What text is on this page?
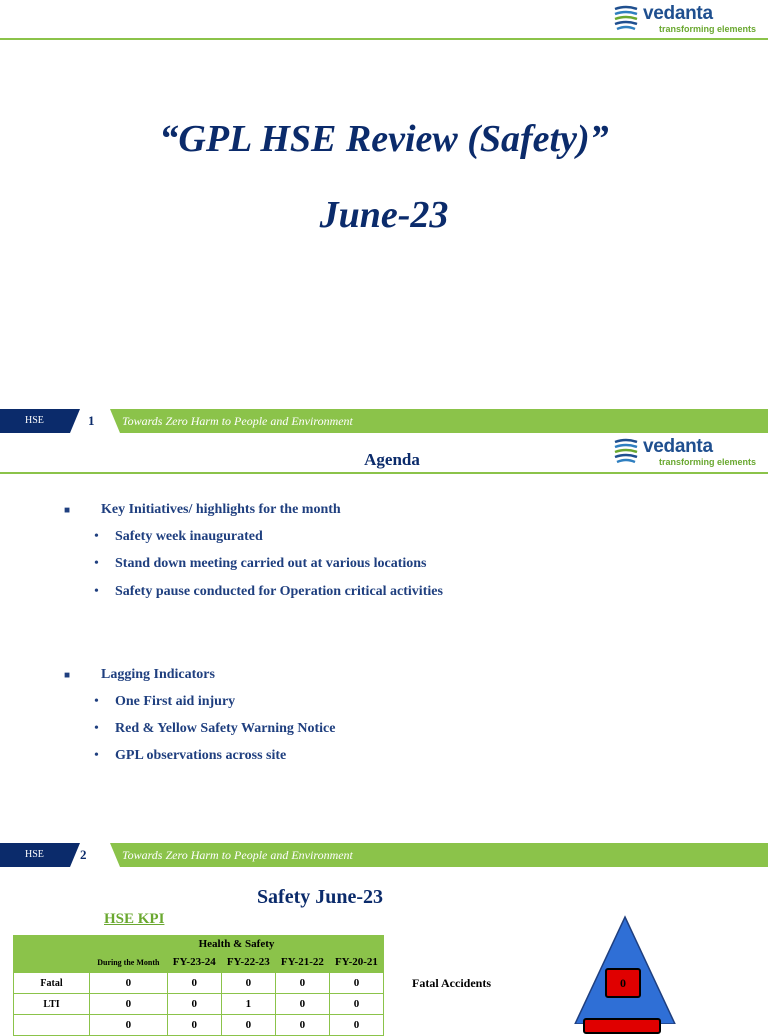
vedanta
transforming elements
“GPL HSE Review (Safety)”
June-23
HSE	1 Towards Zero Harm to People and Environment
vedanta
transforming elements
Agenda
■ Key Initiatives/ highlights for the month
• Safety week inaugurated
• Stand down meeting carried out at various locations
• Safety pause conducted for Operation critical activities
■ Lagging Indicators
• One First aid injury
• Red & Yellow Safety Warning Notice
• GPL observations across site
HSE	2	Towards Zero Harm to People and Environment
Safety June-23
HSE KPI
	Health & Safety				
	During the Month	FY-23-24	FY-22-23	FY-21-22	FY-20-21
Fatal	0	0	0	0	0
LTI	0	0	1	0	0
	0	0	0	0	0
Fatal Accidents	0
